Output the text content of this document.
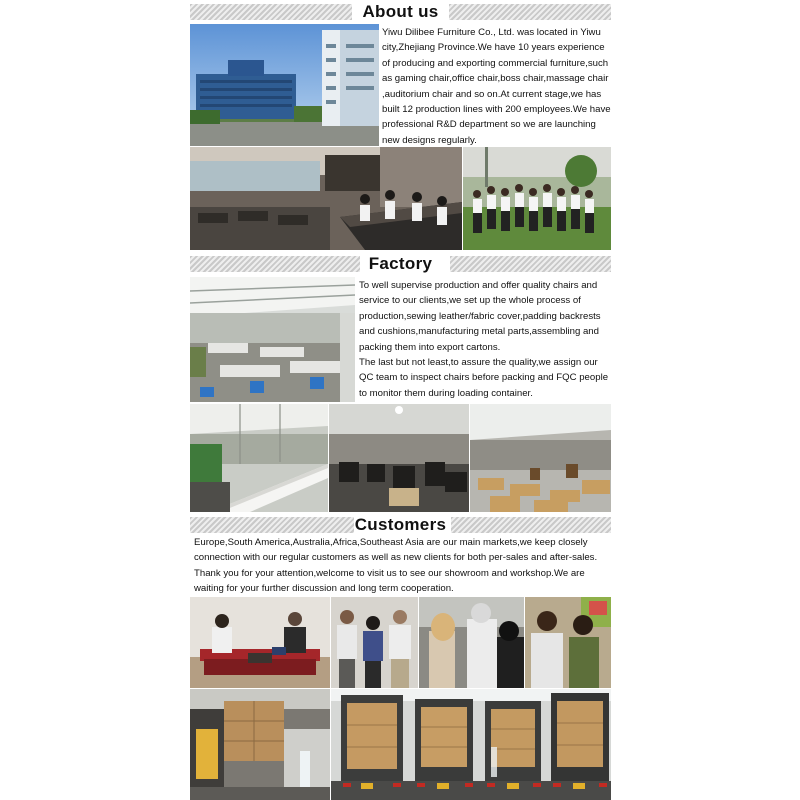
About us

Yiwu Dilibee Furniture Co., Ltd. was located in Yiwu city,Zhejiang Province.We have 10 years experience of producing and exporting commercial furniture,such as gaming chair,office chair,boss chair,massage chair ,auditorium chair and so on.At current stage,we has built 12 production lines with 200 employees.We have professional R&D department so we are launching new designs regularly.

Factory

To well supervise production and offer quality chairs and service to our clients,we set up the whole process of production,sewing leather/fabric cover,padding backrests and cushions,manufacturing metal parts,assembling and packing them into export cartons.

The last but not least,to assure the quality,we assign our QC team to inspect chairs before packing and FQC people to monitor them during loading container.

Customers

Europe,South America,Australia,Africa,Southeast Asia are our main markets,we keep closely connection with our regular customers as well as new clients for both per-sales and after-sales. Thank you for your attention,welcome to visit us to see our showroom and workshop.We are waiting for your further discussion and long term cooperation.
